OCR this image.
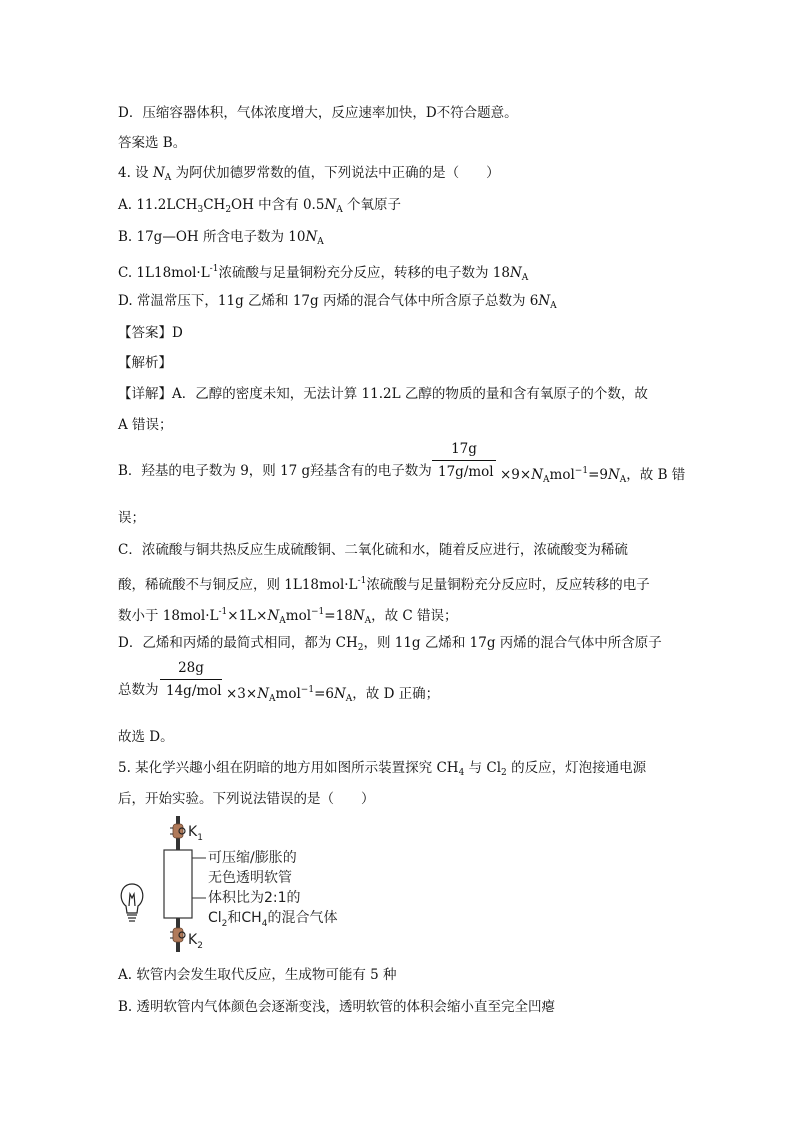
D．压缩容器体积，气体浓度增大，反应速率加快，D不符合题意。
答案选 B。
4. 设 $N_A$ 为阿伏加德罗常数的值，下列说法中正确的是（　　）
A. $11.2LCH_3CH_2OH$ 中含有 $0.5N_A$ 个氧原子
B. 17g—OH 所含电子数为 $10N_A$
C. $1L18mol\cdot L^{-1}$浓硫酸与足量铜粉充分反应，转移的电子数为 $18N_A$
D. 常温常压下，11g 乙烯和 17g 丙烯的混合气体中所含原子总数为 $6N_A$
【答案】D
【解析】
【详解】A．乙醇的密度未知，无法计算 11.2L 乙醇的物质的量和含有氧原子的个数，故
A 错误；
B．羟基的电子数为 9，则 17 g羟基含有的电子数为
17g
$17g/mol \times 9\times N_Amol^{-1}=9N_A$，故 B 错
误；
C．浓硫酸与铜共热反应生成硫酸铜、二氧化硫和水，随着反应进行，浓硫酸变为稀硫
酸，稀硫酸不与铜反应，则 $1L18mol\cdot L^{-1}$浓硫酸与足量铜粉充分反应时，反应转移的电子
数小于 $18mol\cdot L^{-1}\times 1L\times N_Amol^{-1}=18N_A$，故 C 错误；
D．乙烯和丙烯的最简式相同，都为 $CH_2$，则 11g 乙烯和 17g 丙烯的混合气体中所含原子
总数为
28g
$14g/mol \times 3\times N_Amol^{-1}=6N_A$，故 D 正确；
故选 D。
5. 某化学兴趣小组在阴暗的地方用如图所示装置探究 $CH_4$ 与 $Cl_2$ 的反应，灯泡接通电源
后，开始实验。下列说法错误的是（　　）
$K_1$
$K_2$
可压缩/膨胀的
无色透明软管
体积比为2:1的
$Cl_2$和$CH_4$的混合气体
A. 软管内会发生取代反应，生成物可能有 5 种
B. 透明软管内气体颜色会逐渐变浅，透明软管的体积会缩小直至完全凹瘪
